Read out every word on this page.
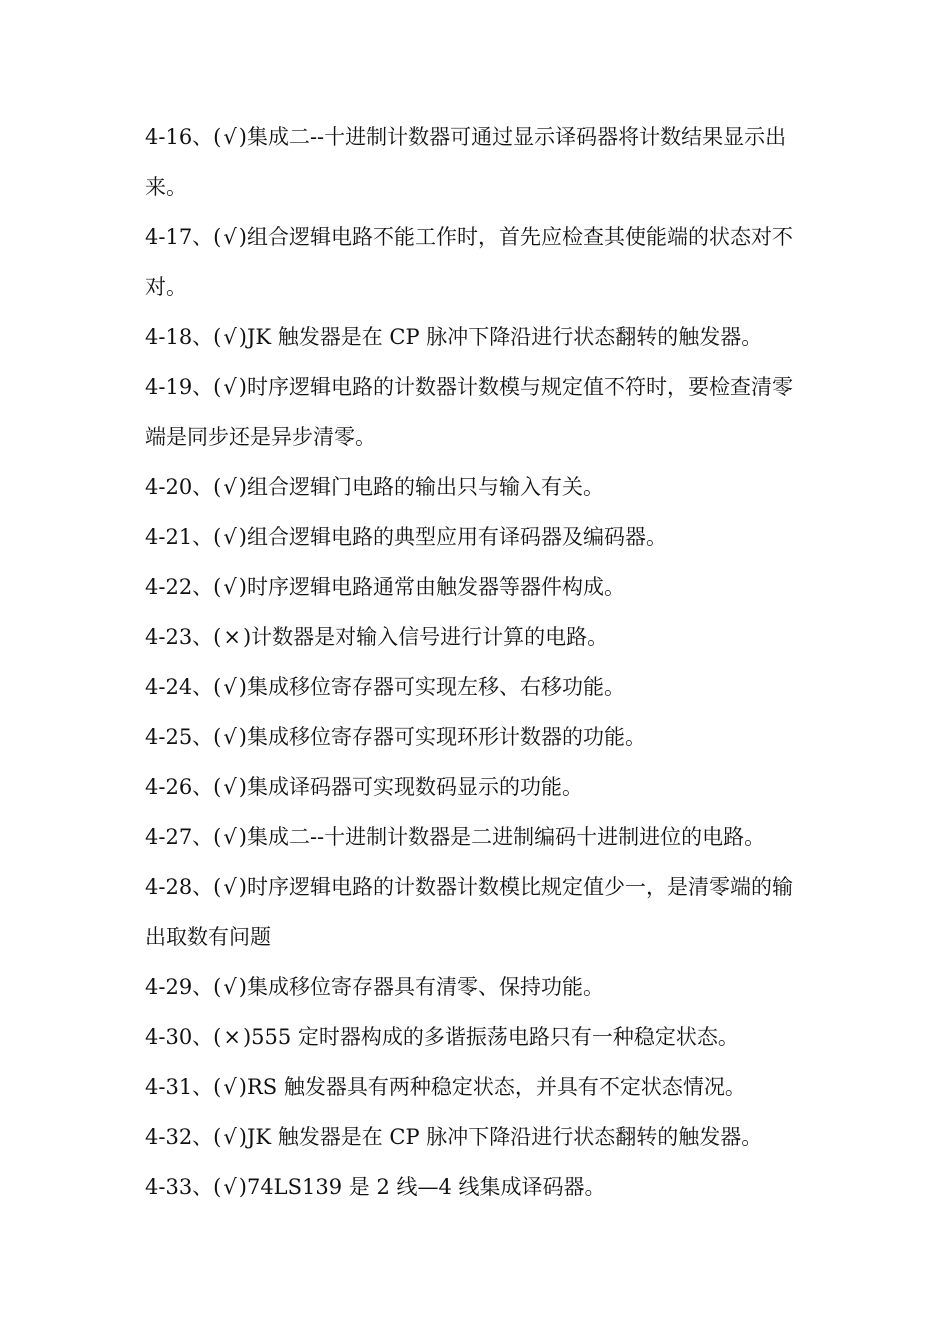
4-16、(√)集成二--十进制计数器可通过显示译码器将计数结果显示出来。

4-17、(√)组合逻辑电路不能工作时，首先应检查其使能端的状态对不对。

4-18、(√)JK 触发器是在 CP 脉冲下降沿进行状态翻转的触发器。

4-19、(√)时序逻辑电路的计数器计数模与规定值不符时，要检查清零端是同步还是异步清零。

4-20、(√)组合逻辑门电路的输出只与输入有关。

4-21、(√)组合逻辑电路的典型应用有译码器及编码器。

4-22、(√)时序逻辑电路通常由触发器等器件构成。

4-23、(×)计数器是对输入信号进行计算的电路。

4-24、(√)集成移位寄存器可实现左移、右移功能。

4-25、(√)集成移位寄存器可实现环形计数器的功能。

4-26、(√)集成译码器可实现数码显示的功能。

4-27、(√)集成二--十进制计数器是二进制编码十进制进位的电路。

4-28、(√)时序逻辑电路的计数器计数模比规定值少一，是清零端的输出取数有问题

4-29、(√)集成移位寄存器具有清零、保持功能。

4-30、(×)555 定时器构成的多谐振荡电路只有一种稳定状态。

4-31、(√)RS 触发器具有两种稳定状态，并具有不定状态情况。

4-32、(√)JK 触发器是在 CP 脉冲下降沿进行状态翻转的触发器。

4-33、(√)74LS139 是 2 线—4 线集成译码器。
